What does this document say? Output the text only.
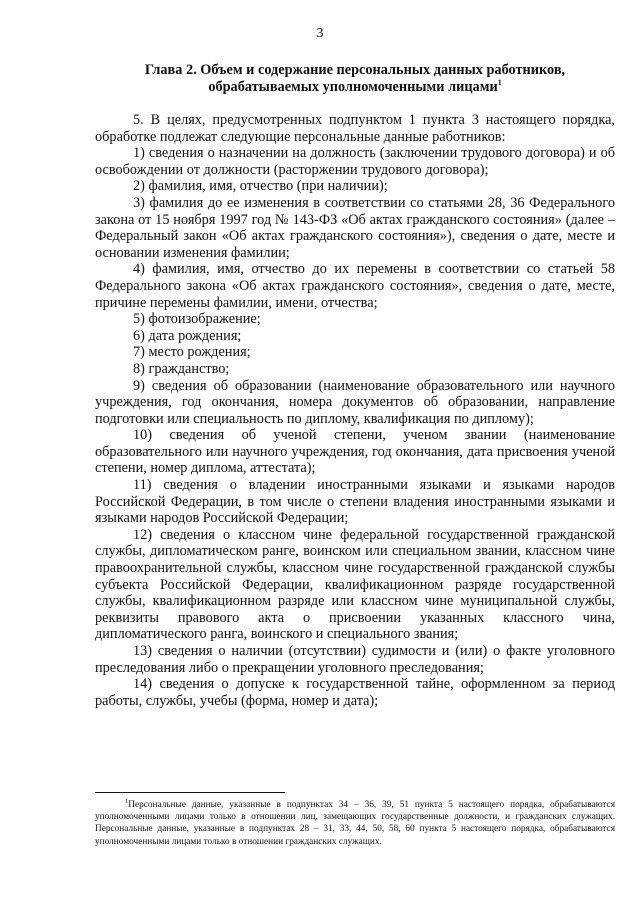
3
Глава 2. Объем и содержание персональных данных работников,
обрабатываемых уполномоченными лицами$^1$

5. В целях, предусмотренных подпунктом 1 пункта 3 настоящего порядка, обработке подлежат следующие персональные данные работников:

1) сведения о назначении на должность (заключении трудового договора) и об освобождении от должности (расторжении трудового договора);

2) фамилия, имя, отчество (при наличии);

3) фамилия до ее изменения в соответствии со статьями 28, 36 Федерального закона от 15 ноября 1997 год № 143-ФЗ «Об актах гражданского состояния» (далее – Федеральный закон «Об актах гражданского состояния»), сведения о дате, месте и основании изменения фамилии;

4) фамилия, имя, отчество до их перемены в соответствии со статьей 58 Федерального закона «Об актах гражданского состояния», сведения о дате, месте, причине перемены фамилии, имени, отчества;

5) фотоизображение;

6) дата рождения;

7) место рождения;

8) гражданство;

9) сведения об образовании (наименование образовательного или научного учреждения, год окончания, номера документов об образовании, направление подготовки или специальность по диплому, квалификация по диплому);

10) сведения об ученой степени, ученом звании (наименование образовательного или научного учреждения, год окончания, дата присвоения ученой степени, номер диплома, аттестата);

11) сведения о владении иностранными языками и языками народов Российской Федерации, в том числе о степени владения иностранными языками и языками народов Российской Федерации;

12) сведения о классном чине федеральной государственной гражданской службы, дипломатическом ранге, воинском или специальном звании, классном чине правоохранительной службы, классном чине государственной гражданской службы субъекта Российской Федерации, квалификационном разряде государственной службы, квалификационном разряде или классном чине муниципальной службы, реквизиты правового акта о присвоении указанных классного чина, дипломатического ранга, воинского и специального звания;

13) сведения о наличии (отсутствии) судимости и (или) о факте уголовного преследования либо о прекращении уголовного преследования;

14) сведения о допуске к государственной тайне, оформленном за период работы, службы, учебы (форма, номер и дата);

$^1$Персональные данные, указанные в подпунктах 34 – 36, 39, 51 пункта 5 настоящего порядка, обрабатываются уполномоченными лицами только в отношении лиц, замещающих государственные должности, и гражданских служащих. Персональные данные, указанные в подпунктах 28 – 31, 33, 44, 50, 58, 60 пункта 5 настоящего порядка, обрабатываются уполномоченными лицами только в отношении гражданских служащих.
